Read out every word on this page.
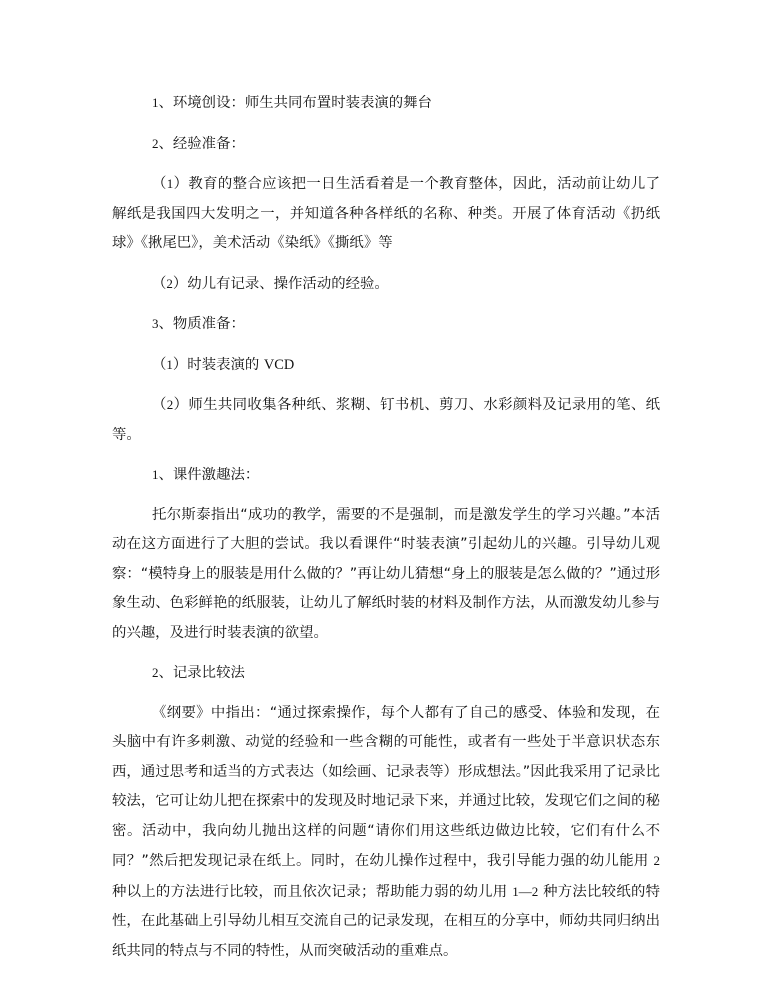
1、环境创设：师生共同布置时装表演的舞台

2、经验准备：

（1）教育的整合应该把一日生活看着是一个教育整体，因此，活动前让幼儿了解纸是我国四大发明之一，并知道各种各样纸的名称、种类。开展了体育活动《扔纸球》《揪尾巴》，美术活动《染纸》《撕纸》等

（2）幼儿有记录、操作活动的经验。

3、物质准备：

（1）时装表演的 VCD

（2）师生共同收集各种纸、浆糊、钉书机、剪刀、水彩颜料及记录用的笔、纸等。

1、课件激趣法：

托尔斯泰指出“成功的教学，需要的不是强制，而是激发学生的学习兴趣。”本活动在这方面进行了大胆的尝试。我以看课件“时装表演”引起幼儿的兴趣。引导幼儿观察：“模特身上的服装是用什么做的？”再让幼儿猜想“身上的服装是怎么做的？”通过形象生动、色彩鲜艳的纸服装，让幼儿了解纸时装的材料及制作方法，从而激发幼儿参与的兴趣，及进行时装表演的欲望。

2、记录比较法

《纲要》中指出：“通过探索操作，每个人都有了自己的感受、体验和发现，在头脑中有许多刺激、动觉的经验和一些含糊的可能性，或者有一些处于半意识状态东西，通过思考和适当的方式表达（如绘画、记录表等）形成想法。”因此我采用了记录比较法，它可让幼儿把在探索中的发现及时地记录下来，并通过比较，发现它们之间的秘密。活动中，我向幼儿抛出这样的问题“请你们用这些纸边做边比较，它们有什么不同？”然后把发现记录在纸上。同时，在幼儿操作过程中，我引导能力强的幼儿能用 2 种以上的方法进行比较，而且依次记录；帮助能力弱的幼儿用 1—2 种方法比较纸的特性，在此基础上引导幼儿相互交流自己的记录发现，在相互的分享中，师幼共同归纳出纸共同的特点与不同的特性，从而突破活动的重难点。
